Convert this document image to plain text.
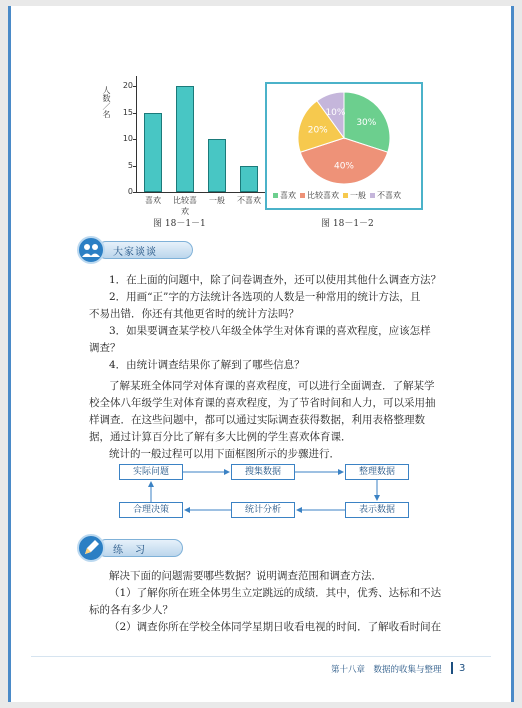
人数／名
0
5
10
15
20
喜欢	比较喜欢
一般	不喜欢
图 18－1－1
30%
40%
20%
10%
喜欢 比较喜欢 一般 不喜欢
图 18－1－2
大家谈谈
1．在上面的问题中，除了问卷调查外，还可以使用其他什么调查方法？
2．用画“正”字的方法统计各选项的人数是一种常用的统计方法，且
不易出错．你还有其他更省时的统计方法吗？
3．如果要调查某学校八年级全体学生对体育课的喜欢程度，应该怎样
调查？
4．由统计调查结果你了解到了哪些信息？
了解某班全体同学对体育课的喜欢程度，可以进行全面调查．了解某学
校全体八年级学生对体育课的喜欢程度，为了节省时间和人力，可以采用抽
样调查．在这些问题中，都可以通过实际调查获得数据，利用表格整理数
据，通过计算百分比了解有多大比例的学生喜欢体育课．
统计的一般过程可以用下面框图所示的步骤进行．
实际问题	搜集数据	整理数据
合理决策	统计分析	表示数据
练　习
解决下面的问题需要哪些数据？说明调查范围和调查方法．
（1）了解你所在班全体男生立定跳远的成绩．其中，优秀、达标和不达
标的各有多少人？
（2）调查你所在学校全体同学星期日收看电视的时间．了解收看时间在
第十八章　数据的收集与整理 3
